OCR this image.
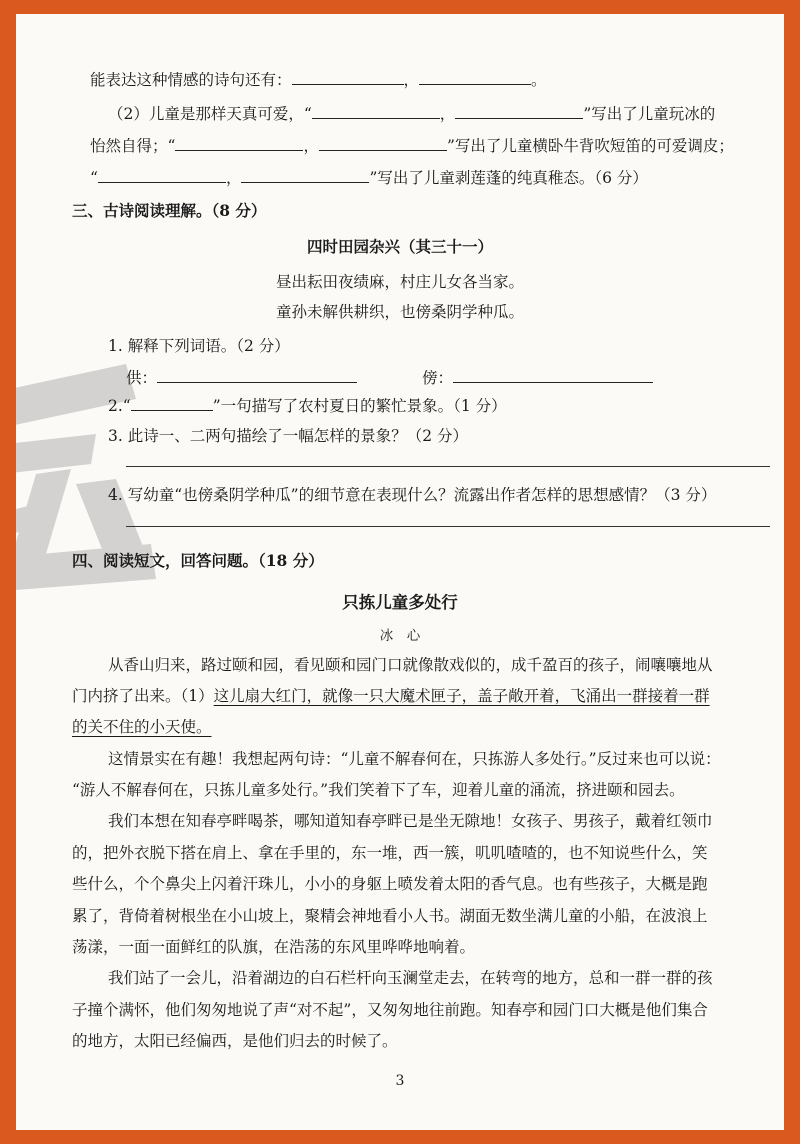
能表达这种情感的诗句还有：	，	。
（2）儿童是那样天真可爱，“	，	”写出了儿童玩冰的
怡然自得；“	，	”写出了儿童横卧牛背吹短笛的可爱调皮；
“	，	”写出了儿童剥莲蓬的纯真稚态。（6 分）
三、古诗阅读理解。（8 分）
四时田园杂兴（其三十一）
昼出耘田夜绩麻，村庄儿女各当家。
童孙未解供耕织，也傍桑阴学种瓜。
1. 解释下列词语。（2 分）
供：	傍：
2.“	”一句描写了农村夏日的繁忙景象。（1 分）
3. 此诗一、二两句描绘了一幅怎样的景象？（2 分）
4. 写幼童“也傍桑阴学种瓜”的细节意在表现什么？流露出作者怎样的思想感情？（3 分）
四、阅读短文，回答问题。（18 分）
只拣儿童多处行
冰　心
从香山归来，路过颐和园，看见颐和园门口就像散戏似的，成千盈百的孩子，闹嚷嚷地从
门内挤了出来。（1）这儿扇大红门，就像一只大魔术匣子，盖子敞开着，飞涌出一群接着一群
的关不住的小天使。
这情景实在有趣！我想起两句诗：“儿童不解春何在，只拣游人多处行。”反过来也可以说：
“游人不解春何在，只拣儿童多处行。”我们笑着下了车，迎着儿童的涌流，挤进颐和园去。
我们本想在知春亭畔喝茶，哪知道知春亭畔已是坐无隙地！女孩子、男孩子，戴着红领巾
的，把外衣脱下搭在肩上、拿在手里的，东一堆，西一簇，叽叽喳喳的，也不知说些什么，笑
些什么，个个鼻尖上闪着汗珠儿，小小的身躯上喷发着太阳的香气息。也有些孩子，大概是跑
累了，背倚着树根坐在小山坡上，聚精会神地看小人书。湖面无数坐满儿童的小船，在波浪上
荡漾，一面一面鲜红的队旗，在浩荡的东风里哗哗地响着。
我们站了一会儿，沿着湖边的白石栏杆向玉澜堂走去，在转弯的地方，总和一群一群的孩
子撞个满怀，他们匆匆地说了声“对不起”，又匆匆地往前跑。知春亭和园门口大概是他们集合
的地方，太阳已经偏西，是他们归去的时候了。
3
